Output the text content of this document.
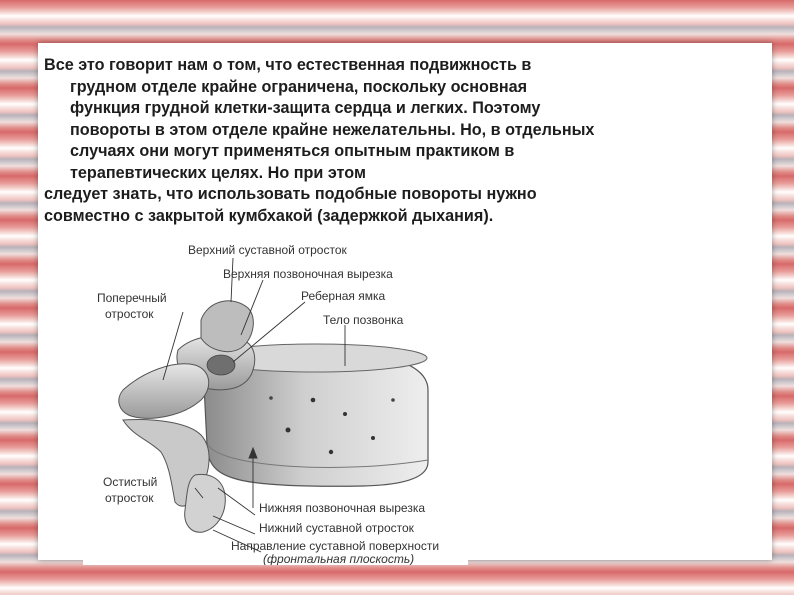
Все это говорит нам о том, что естественная подвижность в

грудном отделе крайне ограничена, поскольку основная

функция грудной клетки-защита сердца и легких. Поэтому

повороты в этом отделе крайне нежелательны. Но, в отдельных

случаях они могут применяться опытным практиком в

терапевтических целях. Но при этом

следует знать, что использовать подобные повороты нужно

совместно с закрытой кумбхакой (задержкой дыхания).

Верхний суставной отросток
Верхняя позвоночная вырезка
Поперечный
отросток
Реберная ямка
Тело позвонка
Остистый
отросток
Нижняя позвоночная вырезка
Нижний суставной отросток
Направление суставной поверхности
(фронтальная плоскость)
